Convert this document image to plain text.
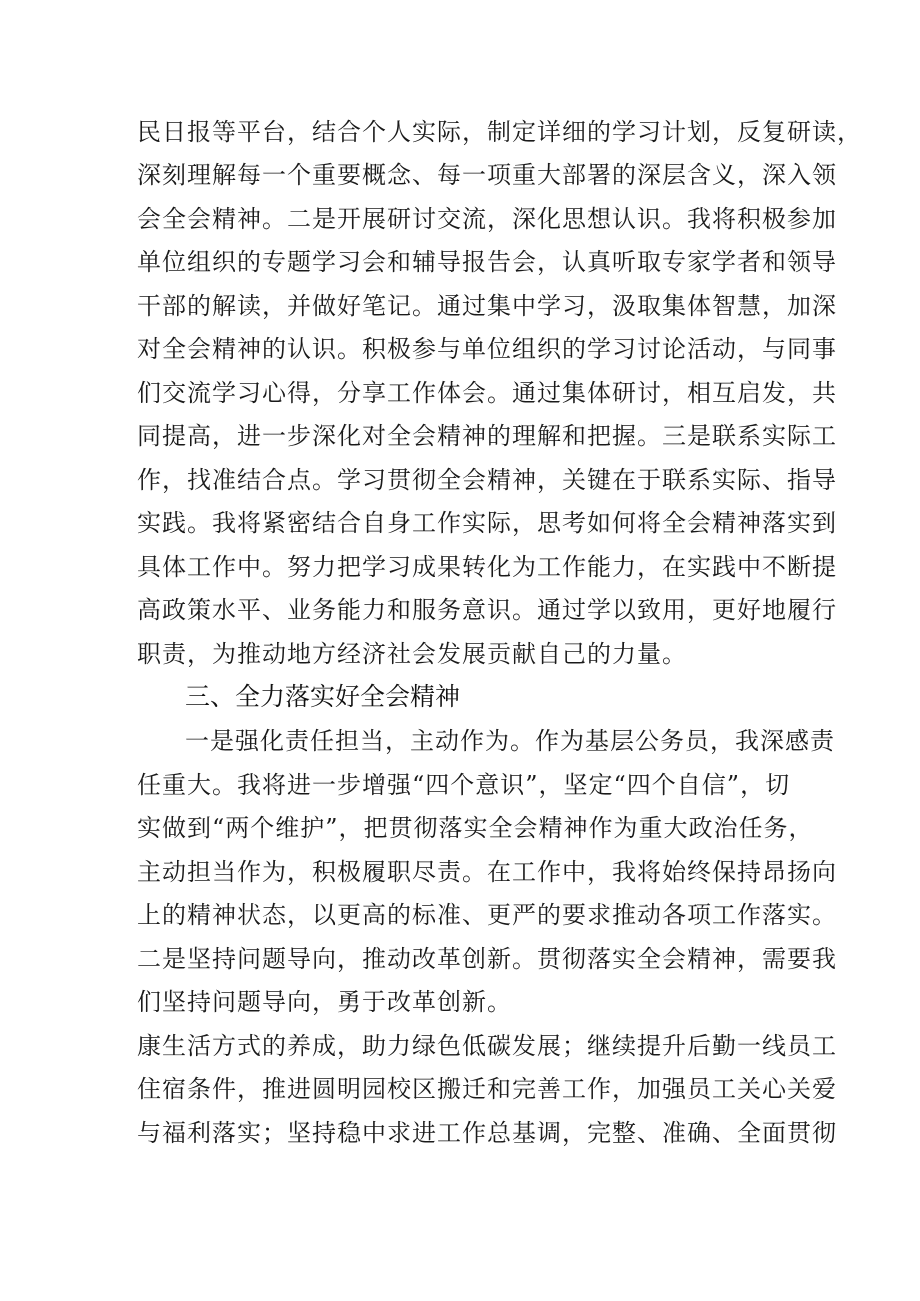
民日报等平台，结合个人实际，制定详细的学习计划，反复研读，
深刻理解每一个重要概念、每一项重大部署的深层含义，深入领
会全会精神。二是开展研讨交流，深化思想认识。我将积极参加
单位组织的专题学习会和辅导报告会，认真听取专家学者和领导
干部的解读，并做好笔记。通过集中学习，汲取集体智慧，加深
对全会精神的认识。积极参与单位组织的学习讨论活动，与同事
们交流学习心得，分享工作体会。通过集体研讨，相互启发，共
同提高，进一步深化对全会精神的理解和把握。三是联系实际工
作，找准结合点。学习贯彻全会精神，关键在于联系实际、指导
实践。我将紧密结合自身工作实际，思考如何将全会精神落实到
具体工作中。努力把学习成果转化为工作能力，在实践中不断提
高政策水平、业务能力和服务意识。通过学以致用，更好地履行
职责，为推动地方经济社会发展贡献自己的力量。
三、全力落实好全会精神
一是强化责任担当，主动作为。作为基层公务员，我深感责
任重大。我将进一步增强“四个意识”，坚定“四个自信”，切
实做到“两个维护”，把贯彻落实全会精神作为重大政治任务，
主动担当作为，积极履职尽责。在工作中，我将始终保持昂扬向
上的精神状态，以更高的标准、更严的要求推动各项工作落实。
二是坚持问题导向，推动改革创新。贯彻落实全会精神，需要我
们坚持问题导向，勇于改革创新。
康生活方式的养成，助力绿色低碳发展；继续提升后勤一线员工
住宿条件，推进圆明园校区搬迁和完善工作，加强员工关心关爱
与福利落实；坚持稳中求进工作总基调，完整、准确、全面贯彻
